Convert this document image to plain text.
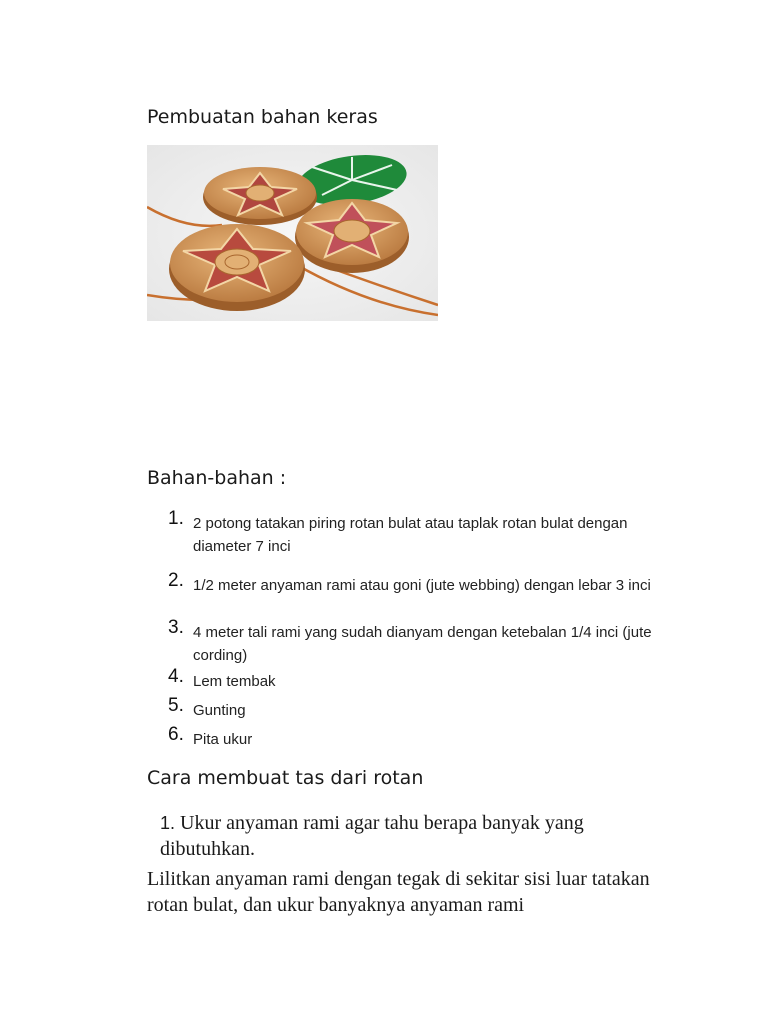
Pembuatan bahan keras
Bahan-bahan :
1. 2 potong tatakan piring rotan bulat atau taplak rotan bulat dengan diameter 7 inci
2. 1/2 meter anyaman rami atau goni (jute webbing) dengan lebar 3 inci
3. 4 meter tali rami yang sudah dianyam dengan ketebalan 1/4 inci (jute cording)
4. Lem tembak
5. Gunting
6. Pita ukur
Cara membuat tas dari rotan
1. Ukur anyaman rami agar tahu berapa banyak yang dibutuhkan.
Lilitkan anyaman rami dengan tegak di sekitar sisi luar tatakan rotan bulat, dan ukur banyaknya anyaman rami
